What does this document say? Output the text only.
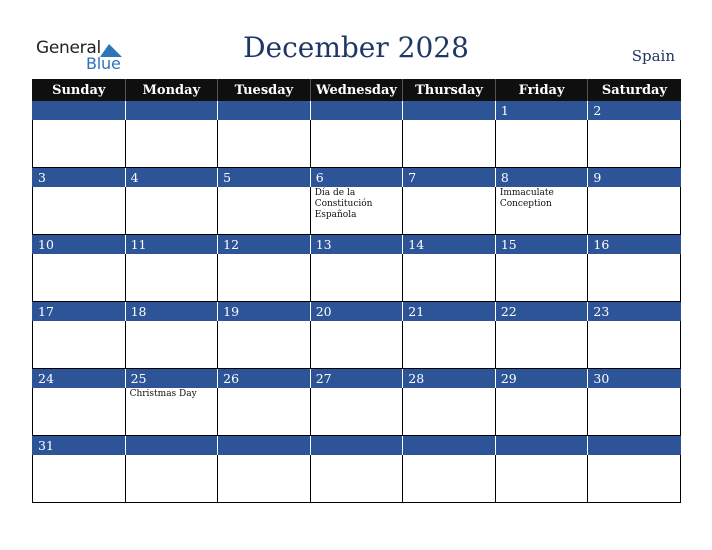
General
Blue	December 2028	Spain
Sunday	Monday	Tuesday	Wednesday	Thursday	Friday	Saturday
					1	2

3	4	5	6	7	8	9
			Día de la Constitución Española		Immaculate Conception	
10	11	12	13	14	15	16

17	18	19	20	21	22	23

24	25	26	27	28	29	30
	Christmas Day					
31						
